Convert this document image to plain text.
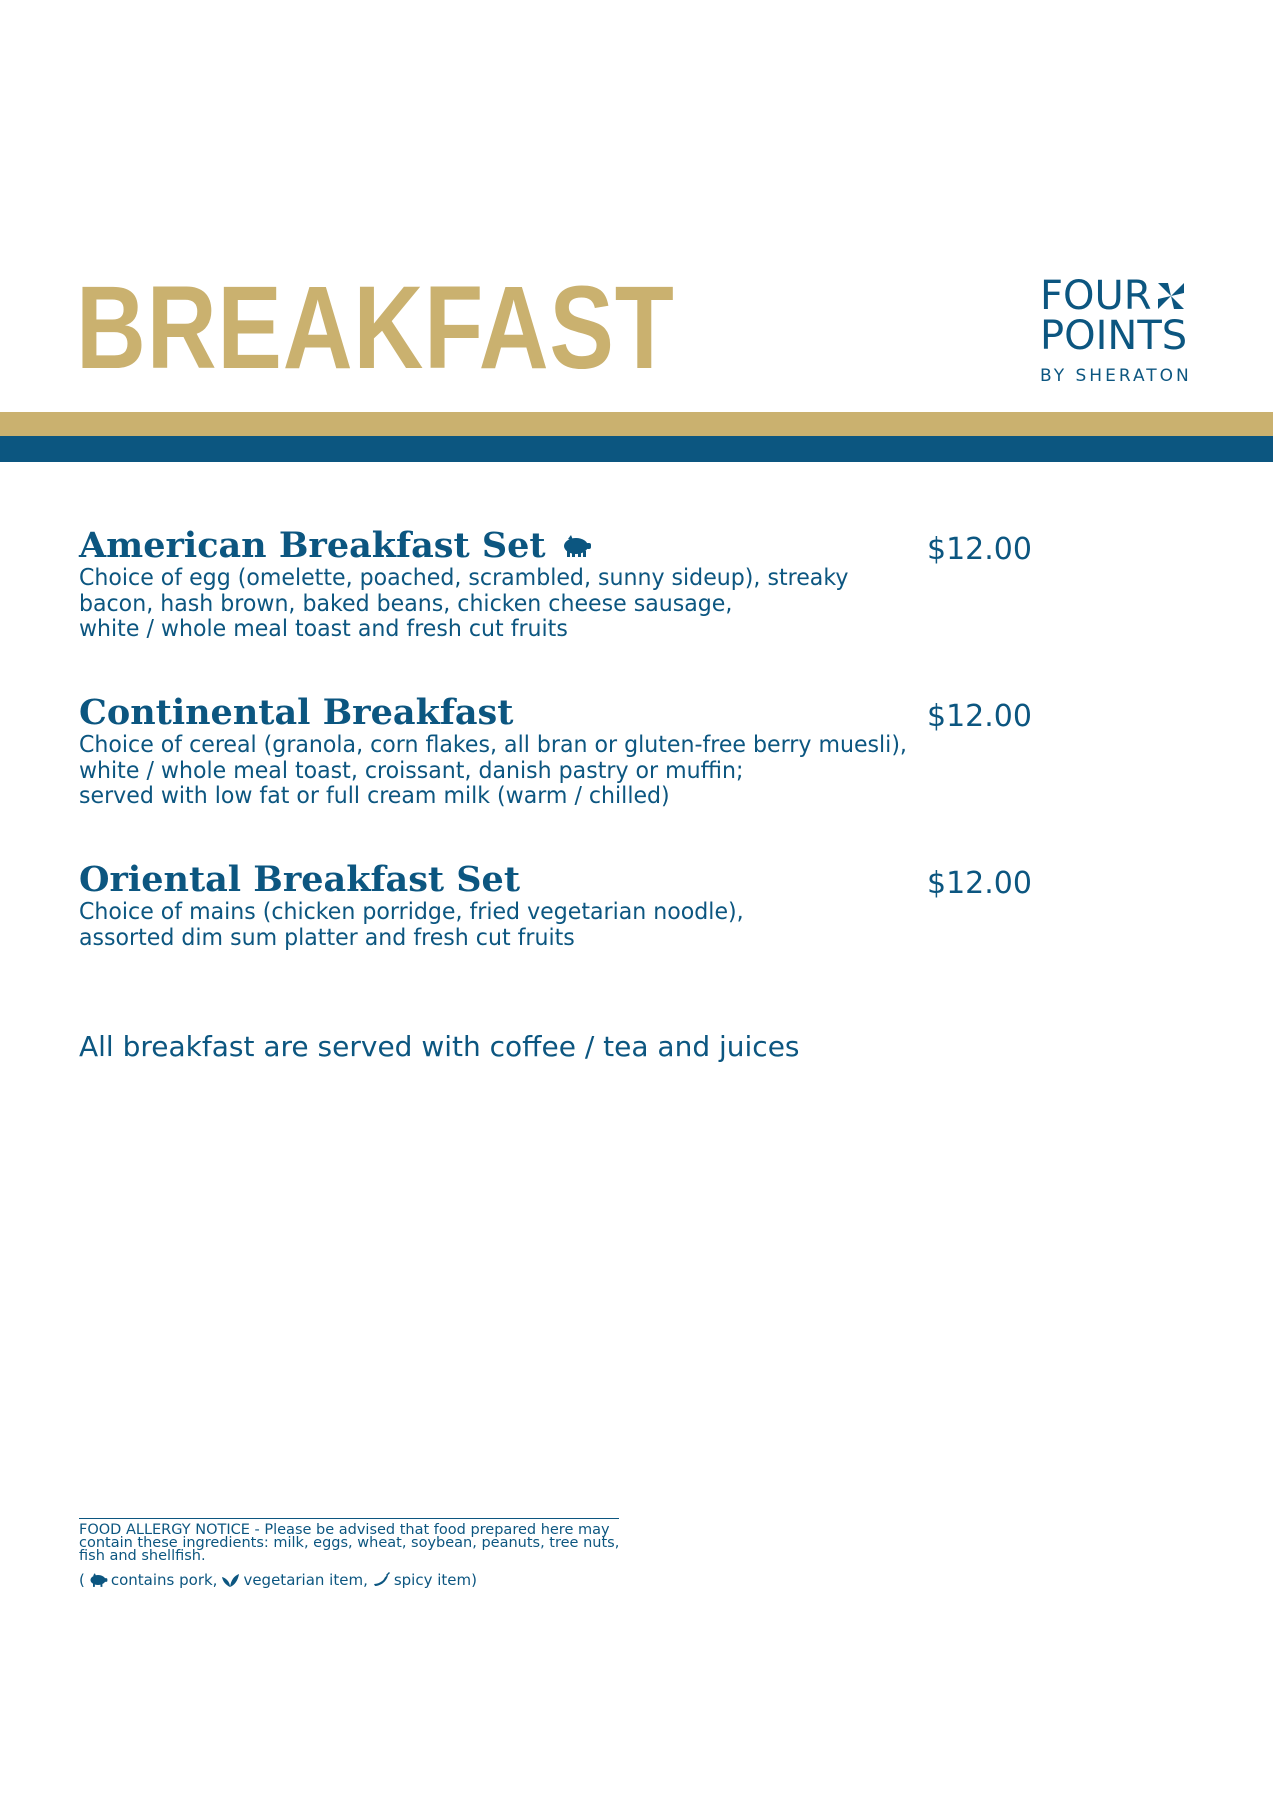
BREAKFAST	FOUR
POINTS
BY SHERATON
American Breakfast Set	$12.00

Choice of egg (omelette, poached, scrambled, sunny sideup), streaky
bacon, hash brown, baked beans, chicken cheese sausage,
white / whole meal toast and fresh cut fruits

Continental Breakfast	$12.00

Choice of cereal (granola, corn flakes, all bran or gluten-free berry muesli),
white / whole meal toast, croissant, danish pastry or muffin;
served with low fat or full cream milk (warm / chilled)

Oriental Breakfast Set	$12.00

Choice of mains (chicken porridge, fried vegetarian noodle),
assorted dim sum platter and fresh cut fruits

All breakfast are served with coffee / tea and juices

FOOD ALLERGY NOTICE - Please be advised that food prepared here may
contain these ingredients: milk, eggs, wheat, soybean, peanuts, tree nuts,
fish and shellfish.

( contains pork, vegetarian item, spicy item)
